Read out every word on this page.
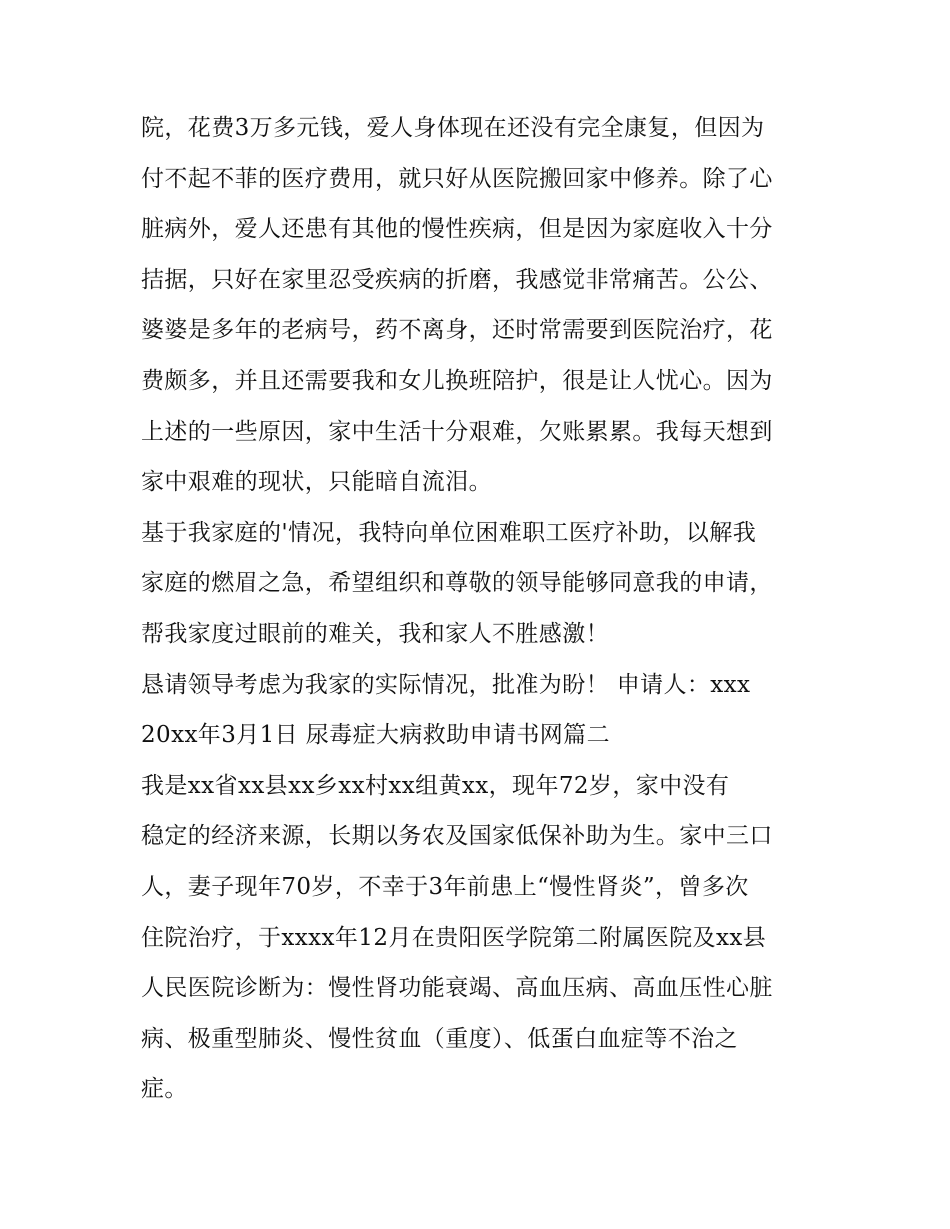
院，花费3万多元钱，爱人身体现在还没有完全康复，但因为
付不起不菲的医疗费用，就只好从医院搬回家中修养。除了心
脏病外，爱人还患有其他的慢性疾病，但是因为家庭收入十分
拮据，只好在家里忍受疾病的折磨，我感觉非常痛苦。公公、
婆婆是多年的老病号，药不离身，还时常需要到医院治疗，花
费颇多，并且还需要我和女儿换班陪护，很是让人忧心。因为
上述的一些原因，家中生活十分艰难，欠账累累。我每天想到
家中艰难的现状，只能暗自流泪。
基于我家庭的'情况，我特向单位困难职工医疗补助，以解我
家庭的燃眉之急，希望组织和尊敬的领导能够同意我的申请，
帮我家度过眼前的难关，我和家人不胜感激！
恳请领导考虑为我家的实际情况，批准为盼！ 申请人：xxx
20xx年3月1日 尿毒症大病救助申请书网篇二
我是xx省xx县xx乡xx村xx组黄xx，现年72岁，家中没有
稳定的经济来源，长期以务农及国家低保补助为生。家中三口
人，妻子现年70岁，不幸于3年前患上“慢性肾炎”，曾多次
住院治疗，于xxxx年12月在贵阳医学院第二附属医院及xx县
人民医院诊断为：慢性肾功能衰竭、高血压病、高血压性心脏
病、极重型肺炎、慢性贫血（重度）、低蛋白血症等不治之
症。
